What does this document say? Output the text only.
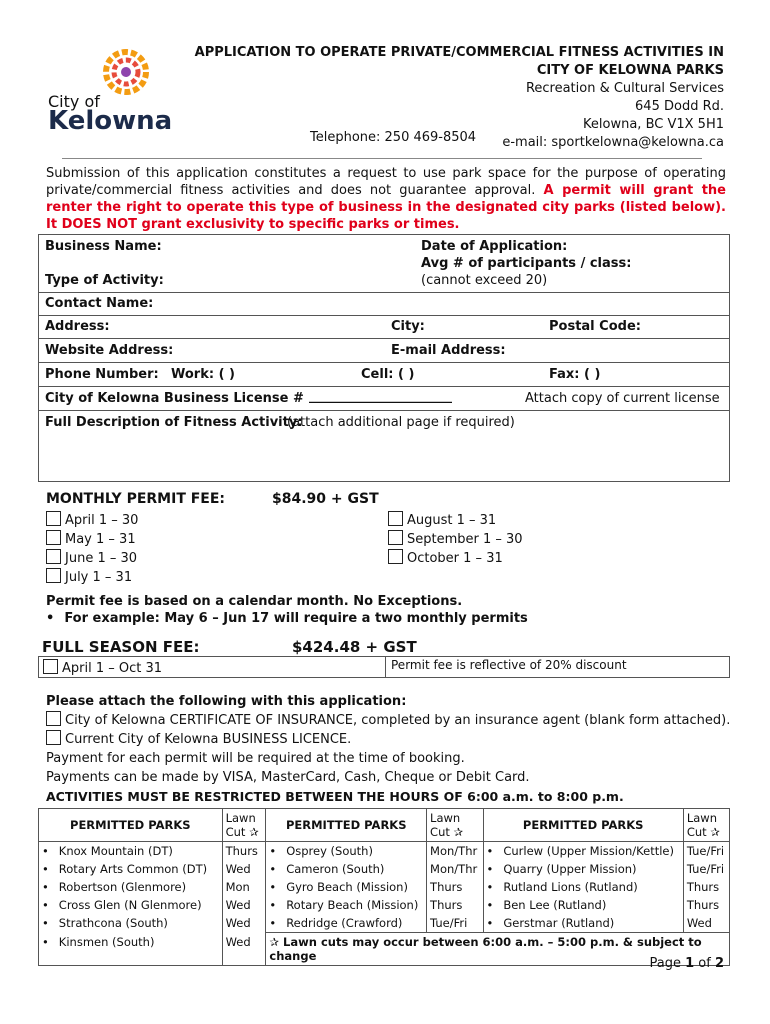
City of
Kelowna
APPLICATION TO OPERATE PRIVATE/COMMERCIAL FITNESS ACTIVITIES IN
CITY OF KELOWNA PARKS
Recreation & Cultural Services
645 Dodd Rd.
Kelowna, BC V1X 5H1
e-mail: sportkelowna@kelowna.ca
Telephone: 250 469-8504
Submission of this application constitutes a request to use park space for the purpose of operating private/commercial fitness activities and does not guarantee approval. A permit will grant the renter the right to operate this type of business in the designated city parks (listed below). It DOES NOT grant exclusivity to specific parks or times.
Business Name:	Date of Application:
Avg # of participants / class:
(cannot exceed 20)
Type of Activity:
Contact Name:
Address:	City:	Postal Code:
Website Address:	E-mail Address:
Phone Number: Work: ( )	Cell: ( )	Fax: ( )
City of Kelowna Business License # ______________________	Attach copy of current license
Full Description of Fitness Activity:
(attach additional page if required)
MONTHLY PERMIT FEE:	$84.90 + GST
April 1 – 30
May 1 – 31
June 1 – 30
July 1 – 31
August 1 – 31
September 1 – 30
October 1 – 31
Permit fee is based on a calendar month. No Exceptions.
• For example: May 6 – Jun 17 will require a two monthly permits
FULL SEASON FEE:	$424.48 + GST
April 1 – Oct 31	Permit fee is reflective of 20% discount
Please attach the following with this application:
City of Kelowna CERTIFICATE OF INSURANCE, completed by an insurance agent (blank form attached).
Current City of Kelowna BUSINESS LICENCE.
Payment for each permit will be required at the time of booking.
Payments can be made by VISA, MasterCard, Cash, Cheque or Debit Card.
ACTIVITIES MUST BE RESTRICTED BETWEEN THE HOURS OF 6:00 a.m. to 8:00 p.m.
PERMITTED PARKS	Lawn Cut ✰	PERMITTED PARKS	Lawn Cut ✰	PERMITTED PARKS	Lawn Cut ✰
• Knox Mountain (DT)	Thurs	• Osprey (South)	Mon/Thr	• Curlew (Upper Mission/Kettle)	Tue/Fri
• Rotary Arts Common (DT)	Wed	• Cameron (South)	Mon/Thr	• Quarry (Upper Mission)	Tue/Fri
• Robertson (Glenmore)	Mon	• Gyro Beach (Mission)	Thurs	• Rutland Lions (Rutland)	Thurs
• Cross Glen (N Glenmore)	Wed	• Rotary Beach (Mission)	Thurs	• Ben Lee (Rutland)	Thurs
• Strathcona (South)	Wed	• Redridge (Crawford)	Tue/Fri	• Gerstmar (Rutland)	Wed
• Kinsmen (South)	Wed	✰ Lawn cuts may occur between 6:00 a.m. – 5:00 p.m. & subject to change				Page 1 of 2
